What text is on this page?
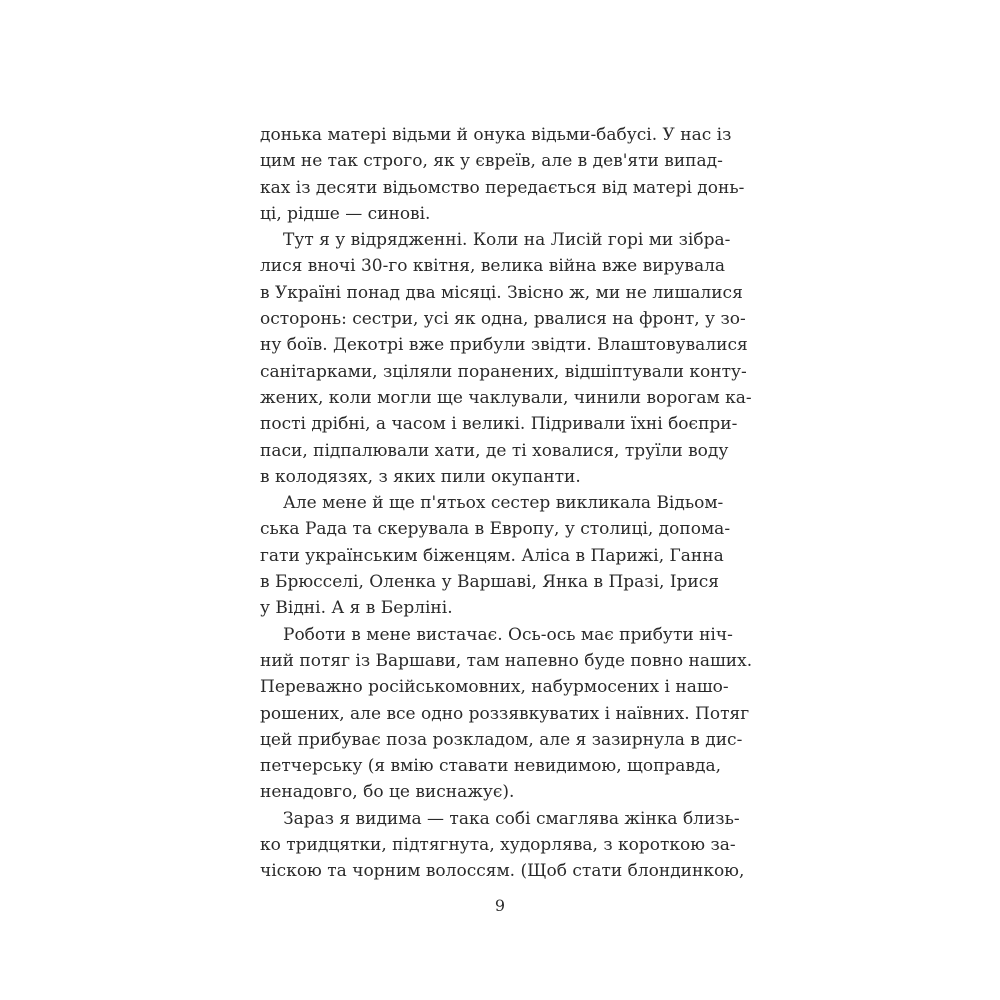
донька матері відьми й онука відьми-бабусі. У нас із
цим не так строго, як у євреїв, але в дев'яти випад-
ках із десяти відьомство передається від матері донь-
ці, рідше — синові.
Тут я у відрядженні. Коли на Лисій горі ми зібра-
лися вночі 30-го квітня, велика війна вже вирувала
в Україні понад два місяці. Звісно ж, ми не лишалися
осторонь: сестри, усі як одна, рвалися на фронт, у зо-
ну боїв. Декотрі вже прибули звідти. Влаштовувалися
санітарками, зціляли поранених, відшіптували конту-
жених, коли могли ще чаклували, чинили ворогам ка-
пості дрібні, а часом і великі. Підривали їхні боєпри-
паси, підпалювали хати, де ті ховалися, труїли воду
в колодязях, з яких пили окупанти.
Але мене й ще п'ятьох сестер викликала Відьом-
ська Рада та скерувала в Европу, у столиці, допома-
гати українським біженцям. Аліса в Парижі, Ганна
в Брюсселі, Оленка у Варшаві, Янка в Празі, Ірися
у Відні. А я в Берліні.
Роботи в мене вистачає. Ось-ось має прибути ніч-
ний потяг із Варшави, там напевно буде повно наших.
Переважно російськомовних, набурмосених і нашо-
рошених, але все одно роззявкуватих і наївних. Потяг
цей прибуває поза розкладом, але я зазирнула в дис-
петчерську (я вмію ставати невидимою, щоправда,
ненадовго, бо це виснажує).
Зараз я видима — така собі смаглява жінка близь-
ко тридцятки, підтягнута, худорлява, з короткою за-
чіскою та чорним волоссям. (Щоб стати блондинкою,
9
